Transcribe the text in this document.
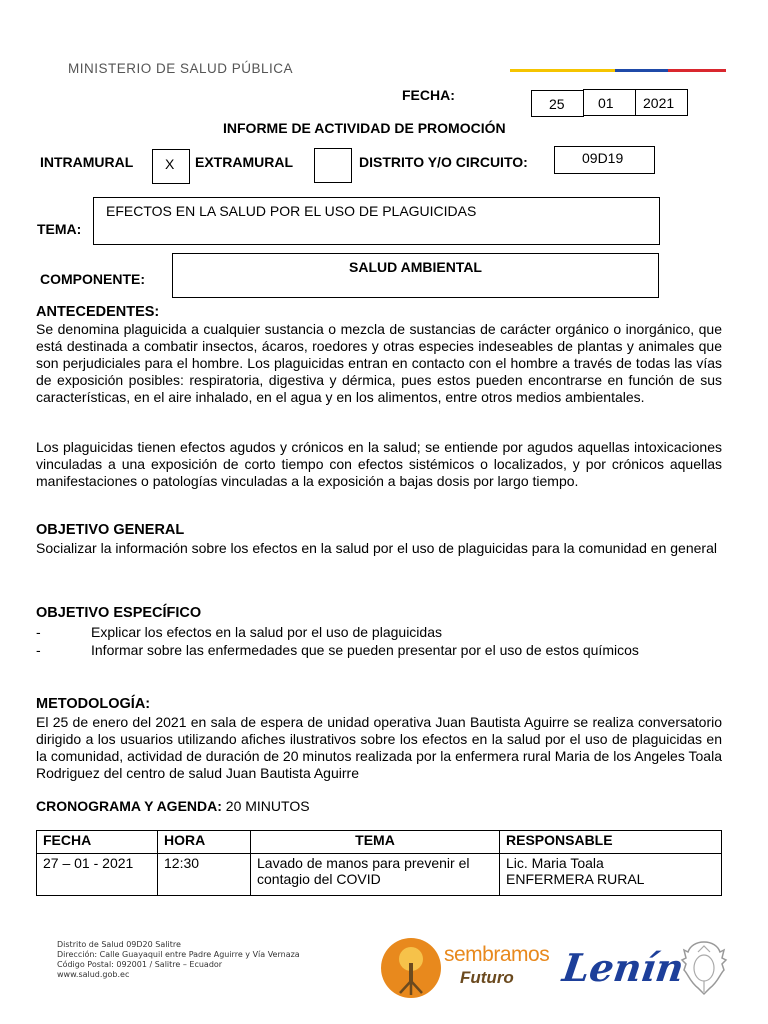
MINISTERIO DE SALUD PÚBLICA
FECHA:
25 01 2021
INFORME DE ACTIVIDAD DE PROMOCIÓN
INTRAMURAL X EXTRAMURAL	DISTRITO Y/O CIRCUITO:	09D19
TEMA:
EFECTOS EN LA SALUD POR EL USO DE PLAGUICIDAS
COMPONENTE:
SALUD AMBIENTAL
ANTECEDENTES:
Se denomina plaguicida a cualquier sustancia o mezcla de sustancias de carácter orgánico o inorgánico, que está destinada a combatir insectos, ácaros, roedores y otras especies indeseables de plantas y animales que son perjudiciales para el hombre. Los plaguicidas entran en contacto con el hombre a través de todas las vías de exposición posibles: respiratoria, digestiva y dérmica, pues estos pueden encontrarse en función de sus características, en el aire inhalado, en el agua y en los alimentos, entre otros medios ambientales.
Los plaguicidas tienen efectos agudos y crónicos en la salud; se entiende por agudos aquellas intoxicaciones vinculadas a una exposición de corto tiempo con efectos sistémicos o localizados, y por crónicos aquellas manifestaciones o patologías vinculadas a la exposición a bajas dosis por largo tiempo.
OBJETIVO GENERAL
Socializar la información sobre los efectos en la salud por el uso de plaguicidas para la comunidad en general
OBJETIVO ESPECÍFICO
-	Explicar los efectos en la salud por el uso de plaguicidas
-	Informar sobre las enfermedades que se pueden presentar por el uso de estos químicos
METODOLOGÍA:
El 25 de enero del 2021 en sala de espera de unidad operativa Juan Bautista Aguirre se realiza conversatorio dirigido a los usuarios utilizando afiches ilustrativos sobre los efectos en la salud por el uso de plaguicidas en la comunidad, actividad de duración de 20 minutos realizada por la enfermera rural Maria de los Angeles Toala Rodriguez del centro de salud Juan Bautista Aguirre
CRONOGRAMA Y AGENDA: 20 MINUTOS
FECHA	HORA	TEMA	RESPONSABLE
27 – 01 - 2021	12:30	Lavado de manos para prevenir el contagio del COVID	Lic. Maria Toala
ENFERMERA RURAL
Distrito de Salud 09D20 Salitre
Dirección: Calle Guayaquil entre Padre Aguirre y Vía Vernaza
Código Postal: 092001 / Salitre – Ecuador
www.salud.gob.ec
sembramos
Futuro Lenín
